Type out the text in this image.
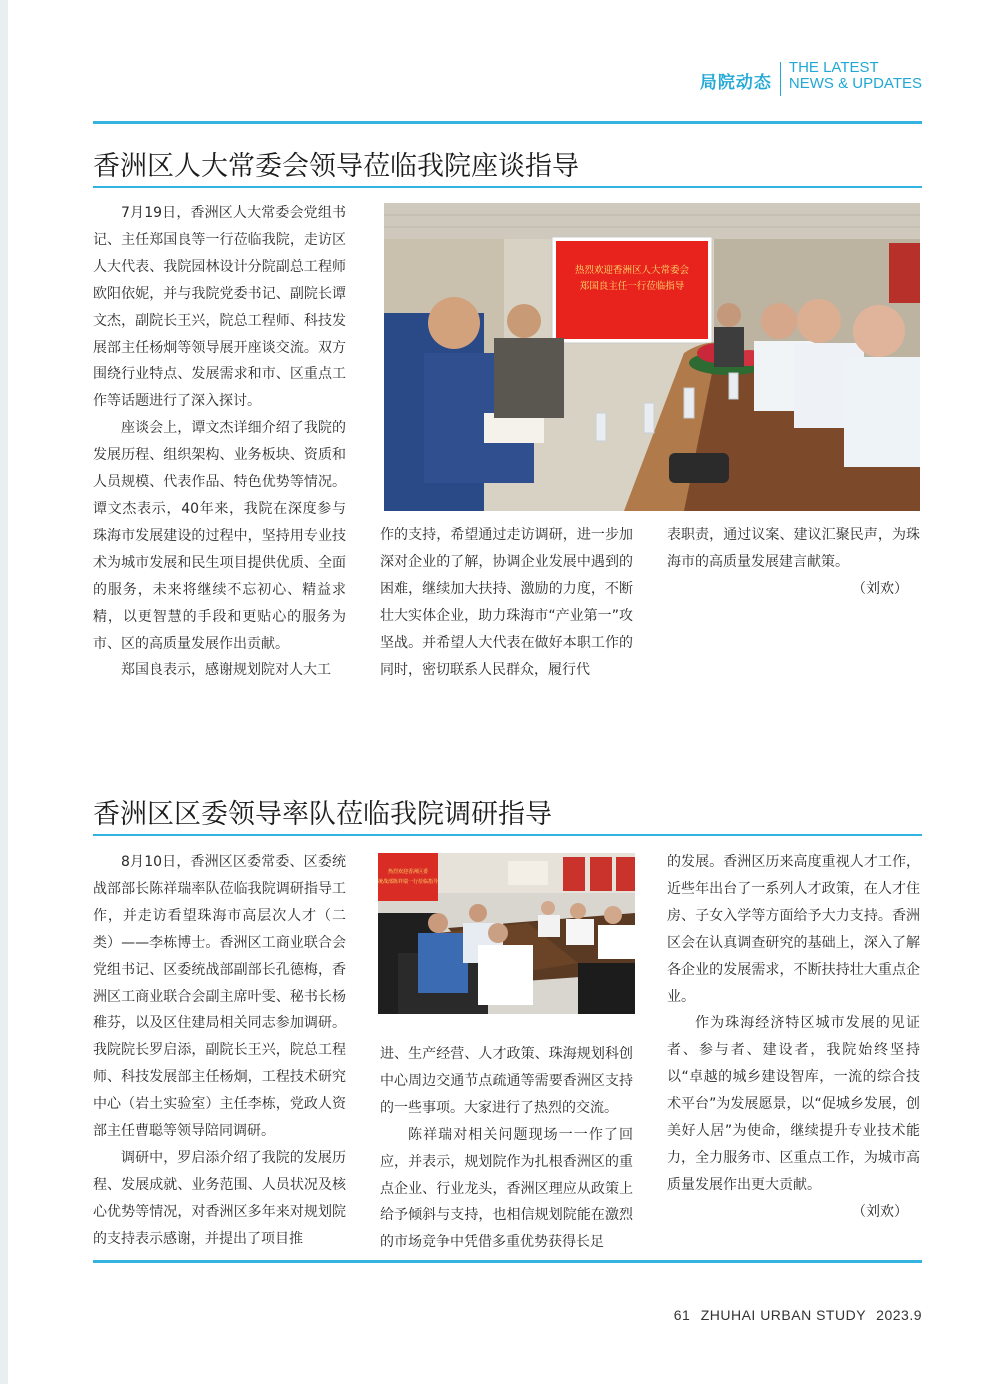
局院动态
THE LATEST
NEWS & UPDATES
香洲区人大常委会领导莅临我院座谈指导

7月19日，香洲区人大常委会党组书记、主任郑国良等一行莅临我院，走访区人大代表、我院园林设计分院副总工程师欧阳依妮，并与我院党委书记、副院长谭文杰，副院长王兴，院总工程师、科技发展部主任杨炯等领导展开座谈交流。双方围绕行业特点、发展需求和市、区重点工作等话题进行了深入探讨。

座谈会上，谭文杰详细介绍了我院的发展历程、组织架构、业务板块、资质和人员规模、代表作品、特色优势等情况。谭文杰表示，40年来，我院在深度参与珠海市发展建设的过程中，坚持用专业技术为城市发展和民生项目提供优质、全面的服务，未来将继续不忘初心、精益求精，以更智慧的手段和更贴心的服务为市、区的高质量发展作出贡献。

郑国良表示，感谢规划院对人大工

热烈欢迎香洲区人大常委会
郑国良主任一行莅临指导

作的支持，希望通过走访调研，进一步加深对企业的了解，协调企业发展中遇到的困难，继续加大扶持、激励的力度，不断壮大实体企业，助力珠海市“产业第一”攻坚战。并希望人大代表在做好本职工作的同时，密切联系人民群众，履行代

表职责，通过议案、建议汇聚民声，为珠海市的高质量发展建言献策。

（刘欢）

香洲区区委领导率队莅临我院调研指导

8月10日，香洲区区委常委、区委统战部部长陈祥瑞率队莅临我院调研指导工作，并走访看望珠海市高层次人才（二类）——李栋博士。香洲区工商业联合会党组书记、区委统战部副部长孔德梅，香洲区工商业联合会副主席叶雯、秘书长杨稚芬，以及区住建局相关同志参加调研。我院院长罗启添，副院长王兴，院总工程师、科技发展部主任杨炯，工程技术研究中心（岩土实验室）主任李栋，党政人资部主任曹聪等领导陪同调研。

调研中，罗启添介绍了我院的发展历程、发展成就、业务范围、人员状况及核心优势等情况，对香洲区多年来对规划院的支持表示感谢，并提出了项目推

热烈欢迎香洲区委
统战部陈祥瑞一行莅临指导

进、生产经营、人才政策、珠海规划科创中心周边交通节点疏通等需要香洲区支持的一些事项。大家进行了热烈的交流。

陈祥瑞对相关问题现场一一作了回应，并表示，规划院作为扎根香洲区的重点企业、行业龙头，香洲区理应从政策上给予倾斜与支持，也相信规划院能在激烈的市场竞争中凭借多重优势获得长足

的发展。香洲区历来高度重视人才工作，近些年出台了一系列人才政策，在人才住房、子女入学等方面给予大力支持。香洲区会在认真调查研究的基础上，深入了解各企业的发展需求，不断扶持壮大重点企业。

作为珠海经济特区城市发展的见证者、参与者、建设者，我院始终坚持以“卓越的城乡建设智库，一流的综合技术平台”为发展愿景，以“促城乡发展，创美好人居”为使命，继续提升专业技术能力，全力服务市、区重点工作，为城市高质量发展作出更大贡献。

（刘欢）

61 ZHUHAI URBAN STUDY 2023.9
